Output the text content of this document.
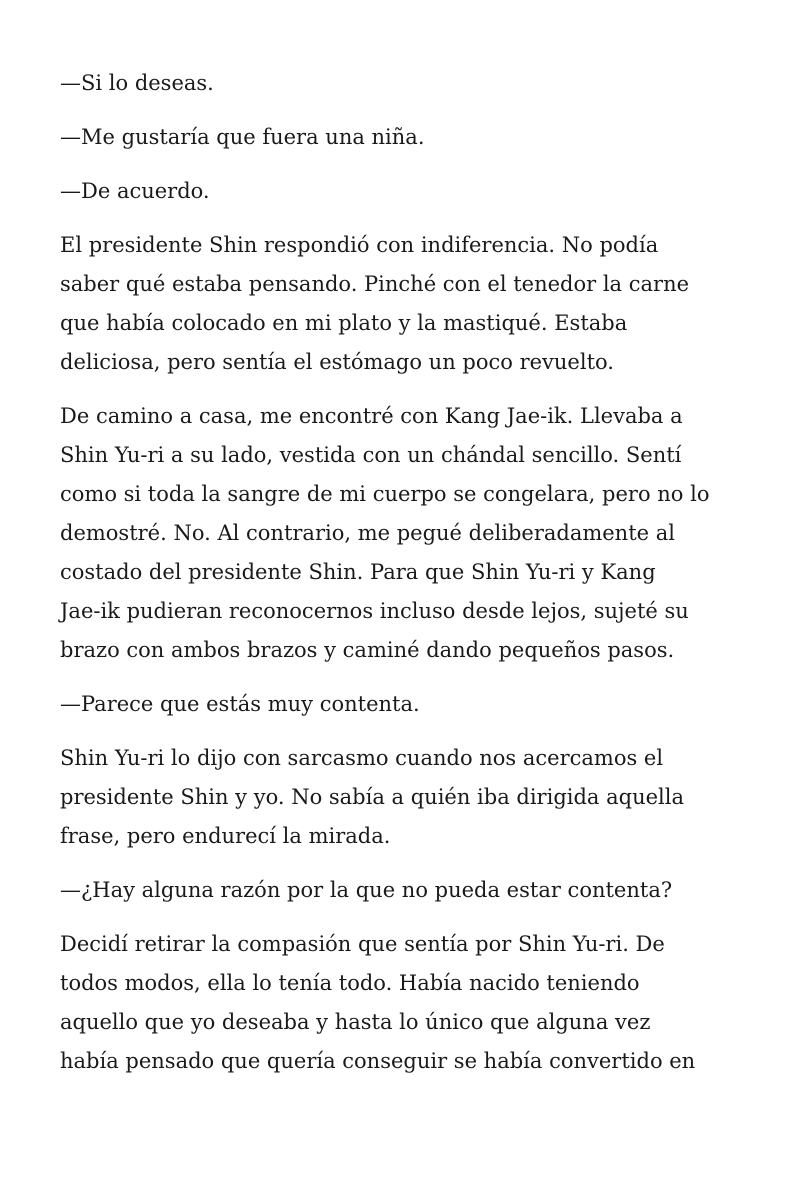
—Si lo deseas.

—Me gustaría que fuera una niña.

—De acuerdo.

El presidente Shin respondió con indiferencia. No podía
saber qué estaba pensando. Pinché con el tenedor la carne
que había colocado en mi plato y la mastiqué. Estaba
deliciosa, pero sentía el estómago un poco revuelto.

De camino a casa, me encontré con Kang Jae-ik. Llevaba a
Shin Yu-ri a su lado, vestida con un chándal sencillo. Sentí
como si toda la sangre de mi cuerpo se congelara, pero no lo
demostré. No. Al contrario, me pegué deliberadamente al
costado del presidente Shin. Para que Shin Yu-ri y Kang
Jae-ik pudieran reconocernos incluso desde lejos, sujeté su
brazo con ambos brazos y caminé dando pequeños pasos.

—Parece que estás muy contenta.

Shin Yu-ri lo dijo con sarcasmo cuando nos acercamos el
presidente Shin y yo. No sabía a quién iba dirigida aquella
frase, pero endurecí la mirada.

—¿Hay alguna razón por la que no pueda estar contenta?

Decidí retirar la compasión que sentía por Shin Yu-ri. De
todos modos, ella lo tenía todo. Había nacido teniendo
aquello que yo deseaba y hasta lo único que alguna vez
había pensado que quería conseguir se había convertido en
